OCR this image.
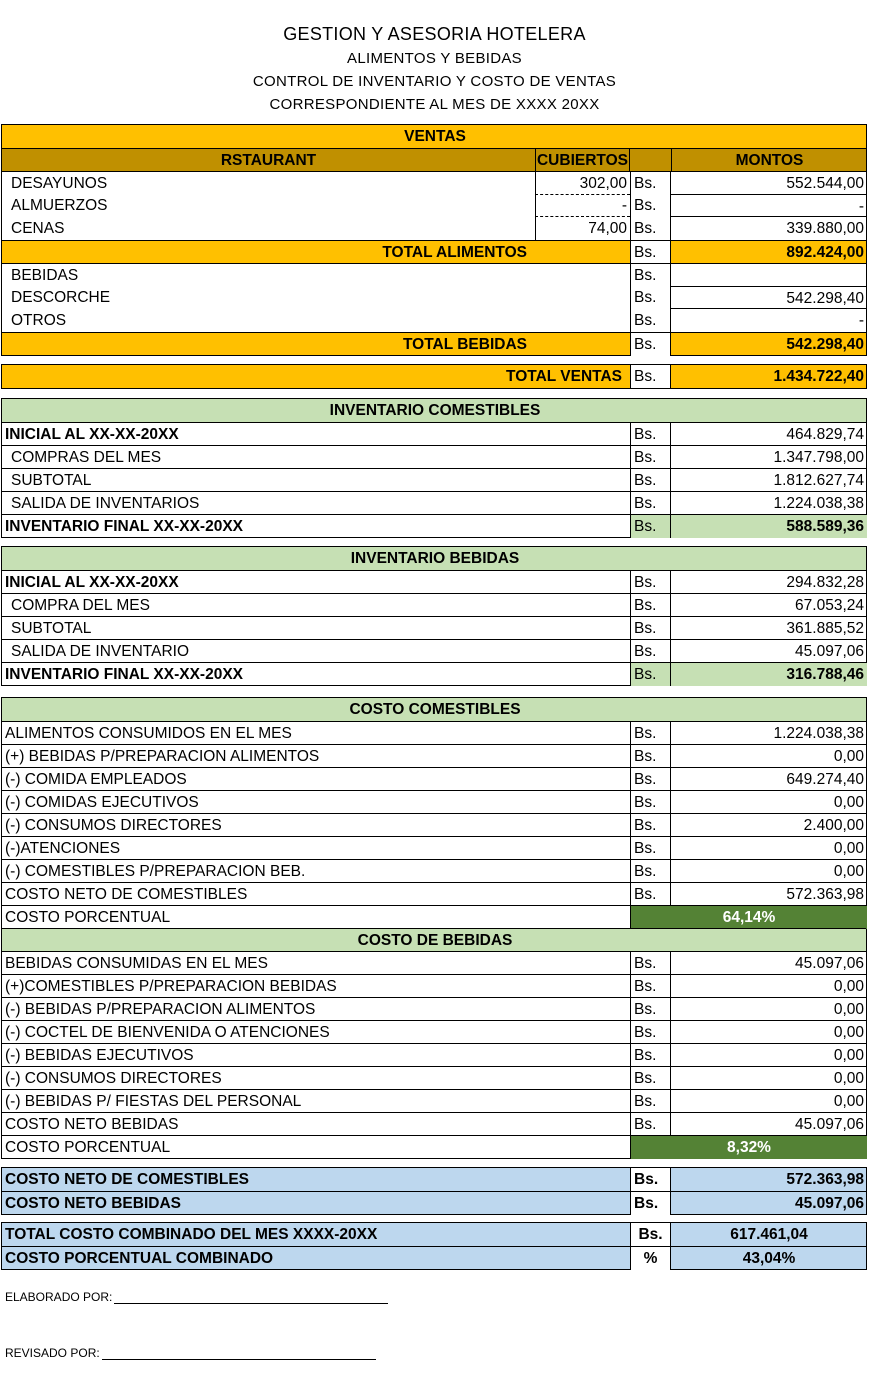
GESTION Y ASESORIA HOTELERA
ALIMENTOS Y BEBIDAS
CONTROL DE INVENTARIO Y COSTO DE VENTAS
CORRESPONDIENTE AL MES DE XXXX 20XX
VENTAS
RSTAURANT	CUBIERTOS	MONTOS
DESAYUNOS	302,00 Bs.	552.544,00
ALMUERZOS	- Bs.	-
CENAS	74,00 Bs.	339.880,00
TOTAL ALIMENTOS	Bs.	892.424,00
BEBIDAS	Bs.
DESCORCHE	Bs.	542.298,40
OTROS	Bs.	-
TOTAL BEBIDAS	Bs.	542.298,40
TOTAL VENTAS Bs.	1.434.722,40
INVENTARIO COMESTIBLES
INICIAL AL XX-XX-20XX	Bs.	464.829,74
COMPRAS DEL MES	Bs.	1.347.798,00
SUBTOTAL	Bs.	1.812.627,74
SALIDA DE INVENTARIOS	Bs.	1.224.038,38
INVENTARIO FINAL XX-XX-20XX	Bs.	588.589,36
INVENTARIO BEBIDAS
INICIAL AL XX-XX-20XX	Bs.	294.832,28
COMPRA DEL MES	Bs.	67.053,24
SUBTOTAL	Bs.	361.885,52
SALIDA DE INVENTARIO	Bs.	45.097,06
INVENTARIO FINAL XX-XX-20XX	Bs.	316.788,46
COSTO COMESTIBLES
ALIMENTOS CONSUMIDOS EN EL MES	Bs.	1.224.038,38
(+) BEBIDAS P/PREPARACION ALIMENTOS	Bs.	0,00
(-) COMIDA EMPLEADOS	Bs.	649.274,40
(-) COMIDAS EJECUTIVOS	Bs.	0,00
(-) CONSUMOS DIRECTORES	Bs.	2.400,00
(-)ATENCIONES	Bs.	0,00
(-) COMESTIBLES P/PREPARACION BEB.	Bs.	0,00
COSTO NETO DE COMESTIBLES	Bs.	572.363,98
COSTO PORCENTUAL	64,14%
COSTO DE BEBIDAS
BEBIDAS CONSUMIDAS EN EL MES	Bs.	45.097,06
(+)COMESTIBLES P/PREPARACION BEBIDAS	Bs.	0,00
(-) BEBIDAS P/PREPARACION ALIMENTOS	Bs.	0,00
(-) COCTEL DE BIENVENIDA O ATENCIONES	Bs.	0,00
(-) BEBIDAS EJECUTIVOS	Bs.	0,00
(-) CONSUMOS DIRECTORES	Bs.	0,00
(-) BEBIDAS P/ FIESTAS DEL PERSONAL	Bs.	0,00
COSTO NETO BEBIDAS	Bs.	45.097,06
COSTO PORCENTUAL	8,32%
COSTO NETO DE COMESTIBLES	Bs.	572.363,98
COSTO NETO BEBIDAS	Bs.	45.097,06
TOTAL COSTO COMBINADO DEL MES XXXX-20XX	Bs.	617.461,04
COSTO PORCENTUAL COMBINADO	%	43,04%
ELABORADO POR:
REVISADO POR:
